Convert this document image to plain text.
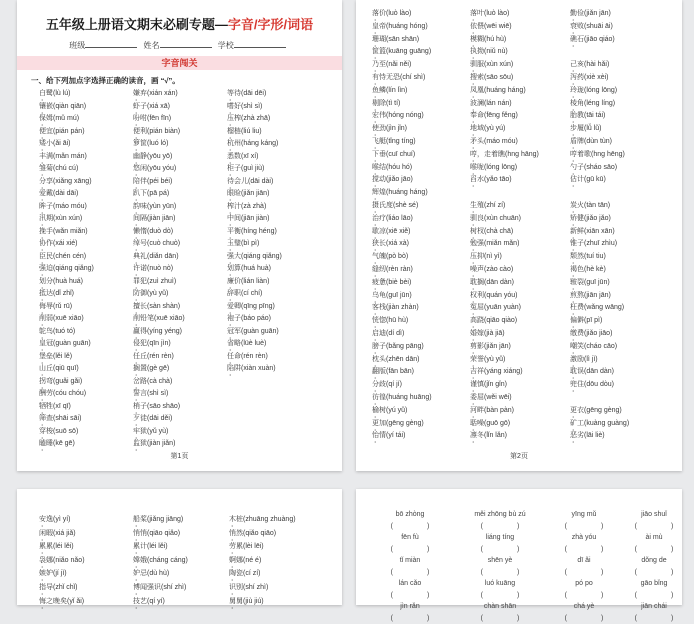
五年级上册语文期末必刷专题—字音/字形/词语
班级	姓名	学校
字音闯关
一、给下列加点字选择正确的读音，画 “√”。
白鹭(lù lú)
镶嵌(qiàn qiān)
保姆(mǔ mú)
便宜(pián pán)
矮小(ǎi āi)
丰满(mǎn mán)
雏菊(chú cú)
分享(xiǎng xāng)
爱戴(dài dāi)
眸子(máo móu)
汛期(xùn xún)
挽手(wǎn miǎn)
协作(xái xié)
臣民(chén cén)
强迫(qiáng qiǎng)
划分(huà huá)
抵达(dǐ zhǐ)
侮辱(rǔ rū)
削弱(xuē xiāo)
鸵鸟(tuó tó)
皇冠(guàn guān)
堡垒(lěi lě)
山丘(qiū quī)
拐弯(guǎi gǎi)
酬劳(cóu chóu)
牺牲(xī qī)
筛查(shāi sāi)
穿梭(suō sō)
瞌睡(kē gē)
嫌弃(xián xán)
虾子(xiá xā)
吩咐(fēn fīn)
便利(pián biàn)
箩筐(luó ló)
幽静(yōu yō)
悠闲(yōu yóu)
陪伴(péi béi)
趴下(pā pá)
韵味(yùn yūn)
间隔(jiàn jiān)
懒惰(duò dò)
绰号(cuò chuò)
典礼(diǎn dān)
许诺(nuò nò)
罪犯(zuì zhuì)
防御(yù yǔ)
擅长(sàn shàn)
削铅笔(xuē xiāo)
赢得(yíng yéng)
侵犯(qīn jìn)
任丘(rén rèn)
搁置(gè gē)
岔路(cà chà)
誓言(shì sì)
梢子(sāo shāo)
歹徒(dāi děi)
牢狱(yǔ yù)
监狱(jiàn jiǎn)
等待(dāi dēi)
嗜好(shì sì)
压榨(zhà zhā)
榴梿(liú liu)
杭州(háng káng)
悉数(xī xí)
柜子(guì jiù)
待会儿(dāi dài)
眼睑(jiǎn jiān)
榨汁(zà zhà)
中间(jiān jiàn)
平衡(híng héng)
玉璧(bì pì)
强大(qiáng qiǎng)
划算(huá huà)
廉价(lián liàn)
辞职(cí chí)
爱卿(qīng pīng)
袍子(báo páo)
冠军(guàn guān)
省略(lüè luè)
任命(rén rèn)
陷阱(xiàn xuàn)
第1页
落价(luò lào)
皇帝(huáng hóng)
珊瑚(sān shān)
筐篮(kuāng guāng)
乃至(nǎi něi)
有恃无恐(chí shì)
鱼鳞(lín lìn)
剔除(tì tí)
宏伟(hóng nóng)
使劲(jìn jǐn)
飞艇(tǐng tíng)
下垂(cuī chuí)
喉结(hóu hó)
搅动(jiǎo jāo)
辉煌(huáng háng)
摄氏度(shè sé)
治疗(liáo lāo)
歇凉(xiē xiě)
狭长(xiá xà)
气魄(pò bò)
缝纫(rèn ràn)
疲惫(biè bèi)
乌龟(guī jūn)
客栈(jiàn zhàn)
恍惚(hū hù)
启迪(dí dì)
膀子(bǎng pāng)
枕头(zhēn dān)
翻版(fān bān)
分歧(qí jí)
彷徨(huáng huāng)
榆树(yú yǔ)
更加(gēng gèng)
怡情(yí tái)
落叶(luò lào)
依偎(wēi wiē)
模糊(hú hù)
执拗(niǔ nù)
驯服(xùn xún)
搜索(sāo sōu)
凤凰(huáng háng)
波澜(lán nán)
奉命(fēng fěng)
地域(yù yú)
矛头(máo móu)
哼，走着瞧(hng hāng)
喉咙(lóng lōng)
舀水(yǎo tāo)

生殖(zhí zí)
驯良(xùn chuān)
树杈(chà chā)
勉强(miǎn mǎn)
压抑(nì yì)
噪声(zào cào)
耽搁(dān dàn)
权利(quán yóu)
冤屈(yuān yuàn)
高跷(qiāo qiào)
婚嫁(jià jiā)
剪影(jiǎn jān)
荣誉(yù yǔ)
吉祥(yáng xiáng)
谨慎(jǐn gǐn)
委屈(wěi wēi)
河畔(bàn pàn)
聒噪(guō gō)
凛冬(lǐn lǎn)
勤俭(jiǎn jān)
衰败(shuāi āi)
礁石(jiāo qiáo)

己亥(hài hǎi)
泻药(xiè xèi)
玲珑(lóng lōng)
棱角(léng líng)
胎教(tāi tái)
步履(lǚ lǔ)
盾牌(dùn tùn)
哼着歌(hng hēng)
勺子(sháo sāo)
估计(gū kū)

炭火(tàn tān)
矫健(jiǎo jǎo)
新鲜(xiān xān)
锥子(zhuī zhìu)
颓然(tuí tiu)
褐色(hè kè)
皲裂(guī jūn)
煎熬(jiān jān)
枉费(wǎng wāng)
偏僻(pī pì)
缴费(jiǎo jiāo)
嘲笑(cháo cāo)
激励(lì jì)
耽误(dān dàn)
兜住(dōu dòu)

更衣(gēng gèng)
矿工(kuàng guàng)
恶劣(lāi liè)
第2页
安逸(yì yí)
闲暇(xiá jiǎ)
累累(léi lěi)
袅娜(niǎo nǎo)
嫉妒(jí jì)
指导(zhǐ chǐ)
悔之晚矣(yǐ ǎi)
船桨(jiǎng jiāng)
悄悄(qiāo qiǎo)
累计(léi lěi)
嫦娥(cháng cáng)
妒忌(dù hù)
博闻强识(shí zhì)
技艺(qí yí)
木桩(zhuāng zhuàng)
悄然(qiǎo qiāo)
劳累(lèi lēi)
婀娜(né é)
陶瓷(cí zí)
识别(shí zhì)
舅舅(jiù jiú)
bō zhòng
(	)
fēn fù
(	)
tǐ miàn
(	)
lán cǎo
(	)
jìn rǎn
(	)
měi zhōng bù zú
(	)
liáng tíng
(	)
shēn yè
(	)
luó kuāng
(	)
chàn shān
(	)
yīng mǔ
(	)
zhà yóu
(	)
dī ǎi
(	)
pó po
(	)
chá yè
(	)
jiāo shuǐ
(	)
ài mù
(	)
dǒng de
(	)
gāo bǐng
(	)
jiān chái
(	)
